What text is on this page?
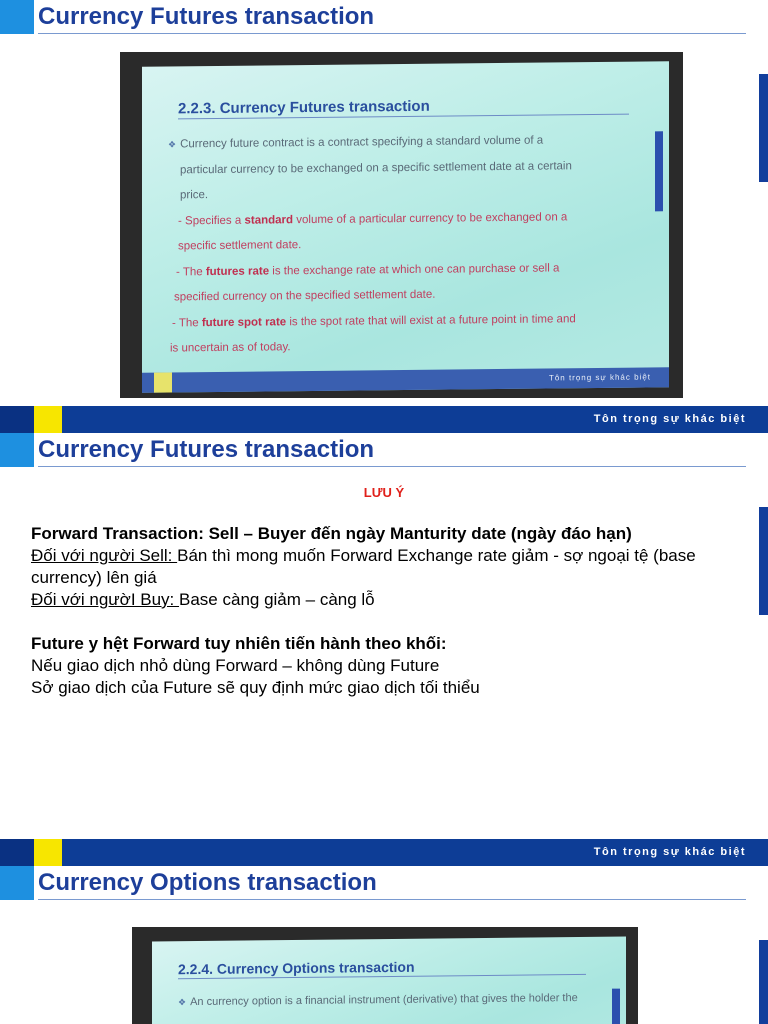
Currency Futures transaction
2.2.3. Currency Futures transaction
❖ Currency future contract is a contract specifying a standard volume of a
particular currency to be exchanged on a specific settlement date at a certain
price.
- Specifies a standard volume of a particular currency to be exchanged on a
specific settlement date.
- The futures rate is the exchange rate at which one can purchase or sell a
specified currency on the specified settlement date.
- The future spot rate is the spot rate that will exist at a future point in time and
is uncertain as of today.
Tôn trọng sự khác biệt
Tôn trọng sự khác biệt
Currency Futures transaction
LƯU Ý

Forward Transaction: Sell – Buyer đến ngày Manturity date (ngày đáo hạn)

Đối với người Sell: Bán thì mong muốn Forward Exchange rate giảm - sợ ngoại tệ (base currency) lên giá

Đối với ngườI Buy: Base càng giảm – càng lỗ

Future y hệt Forward tuy nhiên tiến hành theo khối:

Nếu giao dịch nhỏ dùng Forward – không dùng Future

Sở giao dịch của Future sẽ quy định mức giao dịch tối thiểu

Tôn trọng sự khác biệt
Currency Options transaction
2.2.4. Currency Options transaction
❖ An currency option is a financial instrument (derivative) that gives the holder the
